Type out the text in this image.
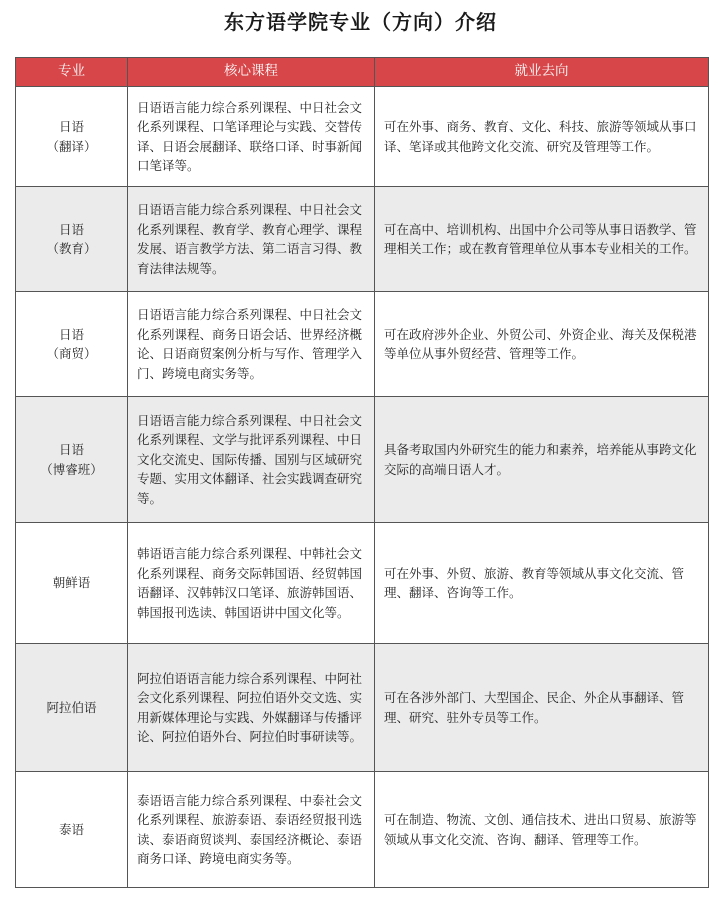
东方语学院专业（方向）介绍
专业	核心课程	就业去向

日语
（翻译）	日语语言能力综合系列课程、中日社会文化系列课程、口笔译理论与实践、交替传译、日语会展翻译、联络口译、时事新闻口笔译等。	可在外事、商务、教育、文化、科技、旅游等领域从事口译、笔译或其他跨文化交流、研究及管理等工作。

日语
（教育）	日语语言能力综合系列课程、中日社会文化系列课程、教育学、教育心理学、课程发展、语言教学方法、第二语言习得、教育法律法规等。	可在高中、培训机构、出国中介公司等从事日语教学、管理相关工作；或在教育管理单位从事本专业相关的工作。

日语
（商贸）	日语语言能力综合系列课程、中日社会文化系列课程、商务日语会话、世界经济概论、日语商贸案例分析与写作、管理学入门、跨境电商实务等。	可在政府涉外企业、外贸公司、外资企业、海关及保税港等单位从事外贸经营、管理等工作。

日语
（博睿班）	日语语言能力综合系列课程、中日社会文化系列课程、文学与批评系列课程、中日文化交流史、国际传播、国别与区域研究专题、实用文体翻译、社会实践调查研究等。	具备考取国内外研究生的能力和素养，培养能从事跨文化交际的高端日语人才。

朝鲜语	韩语语言能力综合系列课程、中韩社会文化系列课程、商务交际韩国语、经贸韩国语翻译、汉韩韩汉口笔译、旅游韩国语、韩国报刊选读、韩国语讲中国文化等。	可在外事、外贸、旅游、教育等领域从事文化交流、管理、翻译、咨询等工作。

阿拉伯语	阿拉伯语语言能力综合系列课程、中阿社会文化系列课程、阿拉伯语外交文选、实用新媒体理论与实践、外媒翻译与传播评论、阿拉伯语外台、阿拉伯时事研读等。	可在各涉外部门、大型国企、民企、外企从事翻译、管理、研究、驻外专员等工作。

泰语	泰语语言能力综合系列课程、中泰社会文化系列课程、旅游泰语、泰语经贸报刊选读、泰语商贸谈判、泰国经济概论、泰语商务口译、跨境电商实务等。	可在制造、物流、文创、通信技术、进出口贸易、旅游等领域从事文化交流、咨询、翻译、管理等工作。
